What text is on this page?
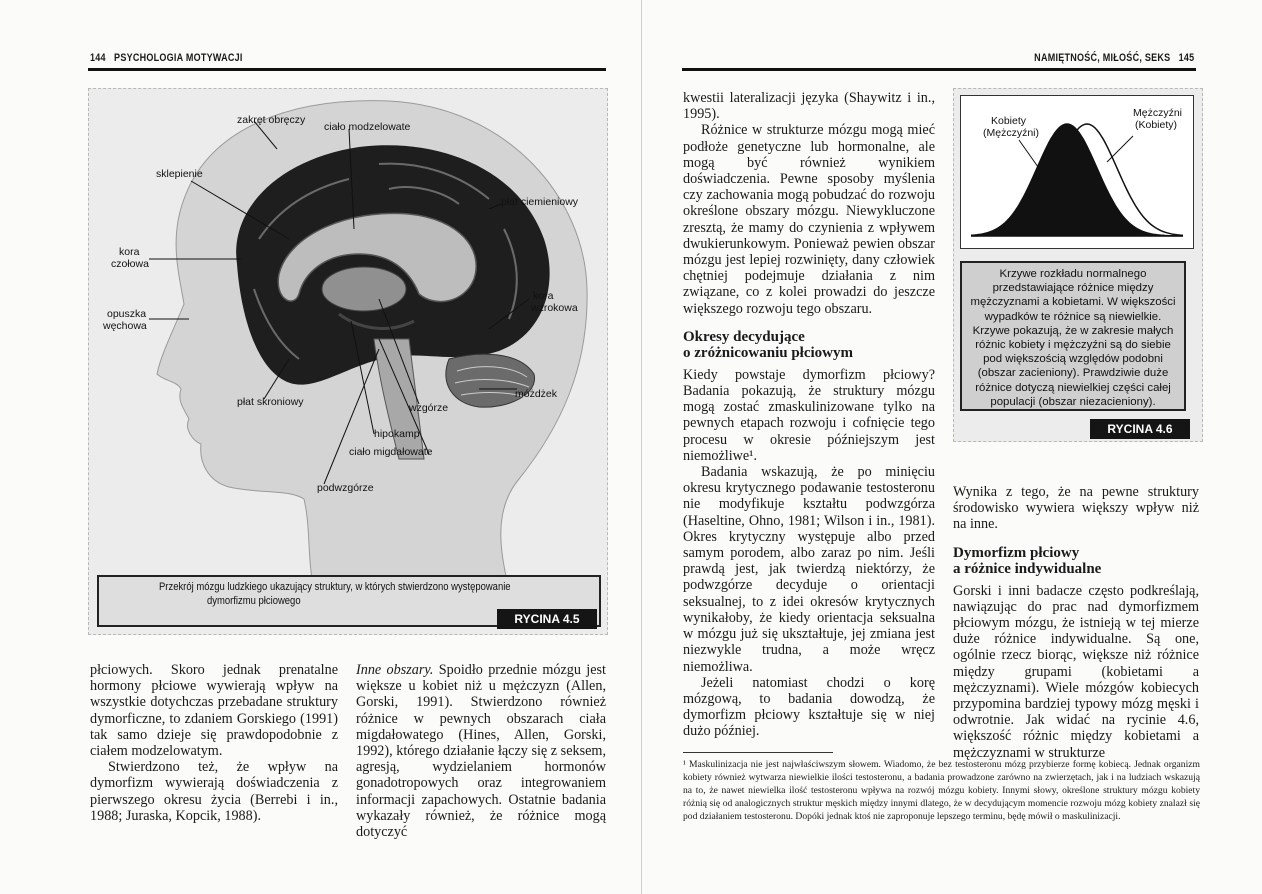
144 PSYCHOLOGIA MOTYWACJI
zakręt obręczy
ciało modzelowate
sklepienie
płat ciemieniowy
kora
czołowa
opuszka
węchowa
kora
wzrokowa
móżdżek
płat skroniowy	wzgórze
hipokamp
ciało migdałowate
podwzgórze
Przekrój mózgu ludzkiego ukazujący struktury, w których stwierdzono występowanie
dymorfizmu płciowego
RYCINA 4.5

płciowych. Skoro jednak prenatalne hormony płciowe wywierają wpływ na wszystkie dotychczas przebadane struktury dymorficzne, to zdaniem Gorskiego (1991) tak samo dzieje się prawdopodobnie z ciałem modzelowatym.

Stwierdzono też, że wpływ na dymorfizm wywierają doświadczenia z pierwszego okresu życia (Berrebi i in., 1988; Juraska, Kopcik, 1988).

Inne obszary. Spoidło przednie mózgu jest większe u kobiet niż u mężczyzn (Allen, Gorski, 1991). Stwierdzono również różnice w pewnych obszarach ciała migdałowatego (Hines, Allen, Gorski, 1992), którego działanie łączy się z seksem, agresją, wydzielaniem hormonów gonadotropowych oraz integrowaniem informacji zapachowych. Ostatnie badania wykazały również, że różnice mogą dotyczyć

NAMIĘTNOŚĆ, MIŁOŚĆ, SEKS 145

kwestii lateralizacji języka (Shaywitz i in., 1995).

Różnice w strukturze mózgu mogą mieć podłoże genetyczne lub hormonalne, ale mogą być również wynikiem doświadczenia. Pewne sposoby myślenia czy zachowania mogą pobudzać do rozwoju określone obszary mózgu. Niewykluczone zresztą, że mamy do czynienia z wpływem dwukierunkowym. Ponieważ pewien obszar mózgu jest lepiej rozwinięty, dany człowiek chętniej podejmuje działania z nim związane, co z kolei prowadzi do jeszcze większego rozwoju tego obszaru.

Okresy decydujące
o zróżnicowaniu płciowym

Kiedy powstaje dymorfizm płciowy? Badania pokazują, że struktury mózgu mogą zostać zmaskulinizowane tylko na pewnych etapach rozwoju i cofnięcie tego procesu w okresie późniejszym jest niemożliwe¹.

Badania wskazują, że po minięciu okresu krytycznego podawanie testosteronu nie modyfikuje kształtu podwzgórza (Haseltine, Ohno, 1981; Wilson i in., 1981). Okres krytyczny występuje albo przed samym porodem, albo zaraz po nim. Jeśli prawdą jest, jak twierdzą niektórzy, że podwzgórze decyduje o orientacji seksualnej, to z idei okresów krytycznych wynikałoby, że kiedy orientacja seksualna w mózgu już się ukształtuje, jej zmiana jest niezwykle trudna, a może wręcz niemożliwa.

Jeżeli natomiast chodzi o korę mózgową, to badania dowodzą, że dymorfizm płciowy kształtuje się w niej dużo później.

Kobiety
(Mężczyźni)
Mężczyźni
(Kobiety)
Krzywe rozkładu normalnego przedstawiające różnice między mężczyznami a kobietami. W większości wypadków te różnice są niewielkie. Krzywe pokazują, że w zakresie małych różnic kobiety i mężczyźni są do siebie pod większością względów podobni (obszar zacieniony). Prawdziwie duże różnice dotyczą niewielkiej części całej populacji (obszar niezacieniony).
RYCINA 4.6

Wynika z tego, że na pewne struktury środowisko wywiera większy wpływ niż na inne.

Dymorfizm płciowy
a różnice indywidualne

Gorski i inni badacze często podkreślają, nawiązując do prac nad dymorfizmem płciowym mózgu, że istnieją w tej mierze duże różnice indywidualne. Są one, ogólnie rzecz biorąc, większe niż różnice między grupami (kobietami a mężczyznami). Wiele mózgów kobiecych przypomina bardziej typowy mózg męski i odwrotnie. Jak widać na rycinie 4.6, większość różnic między kobietami a mężczyznami w strukturze

¹ Maskulinizacja nie jest najwłaściwszym słowem. Wiadomo, że bez testosteronu mózg przybierze formę kobiecą. Jednak organizm kobiety również wytwarza niewielkie ilości testosteronu, a badania prowadzone zarówno na zwierzętach, jak i na ludziach wskazują na to, że nawet niewielka ilość testosteronu wpływa na rozwój mózgu kobiety. Innymi słowy, określone struktury mózgu kobiety różnią się od analogicznych struktur męskich między innymi dlatego, że w decydującym momencie rozwoju mózg kobiety znalazł się pod działaniem testosteronu. Dopóki jednak ktoś nie zaproponuje lepszego terminu, będę mówił o maskulinizacji.
